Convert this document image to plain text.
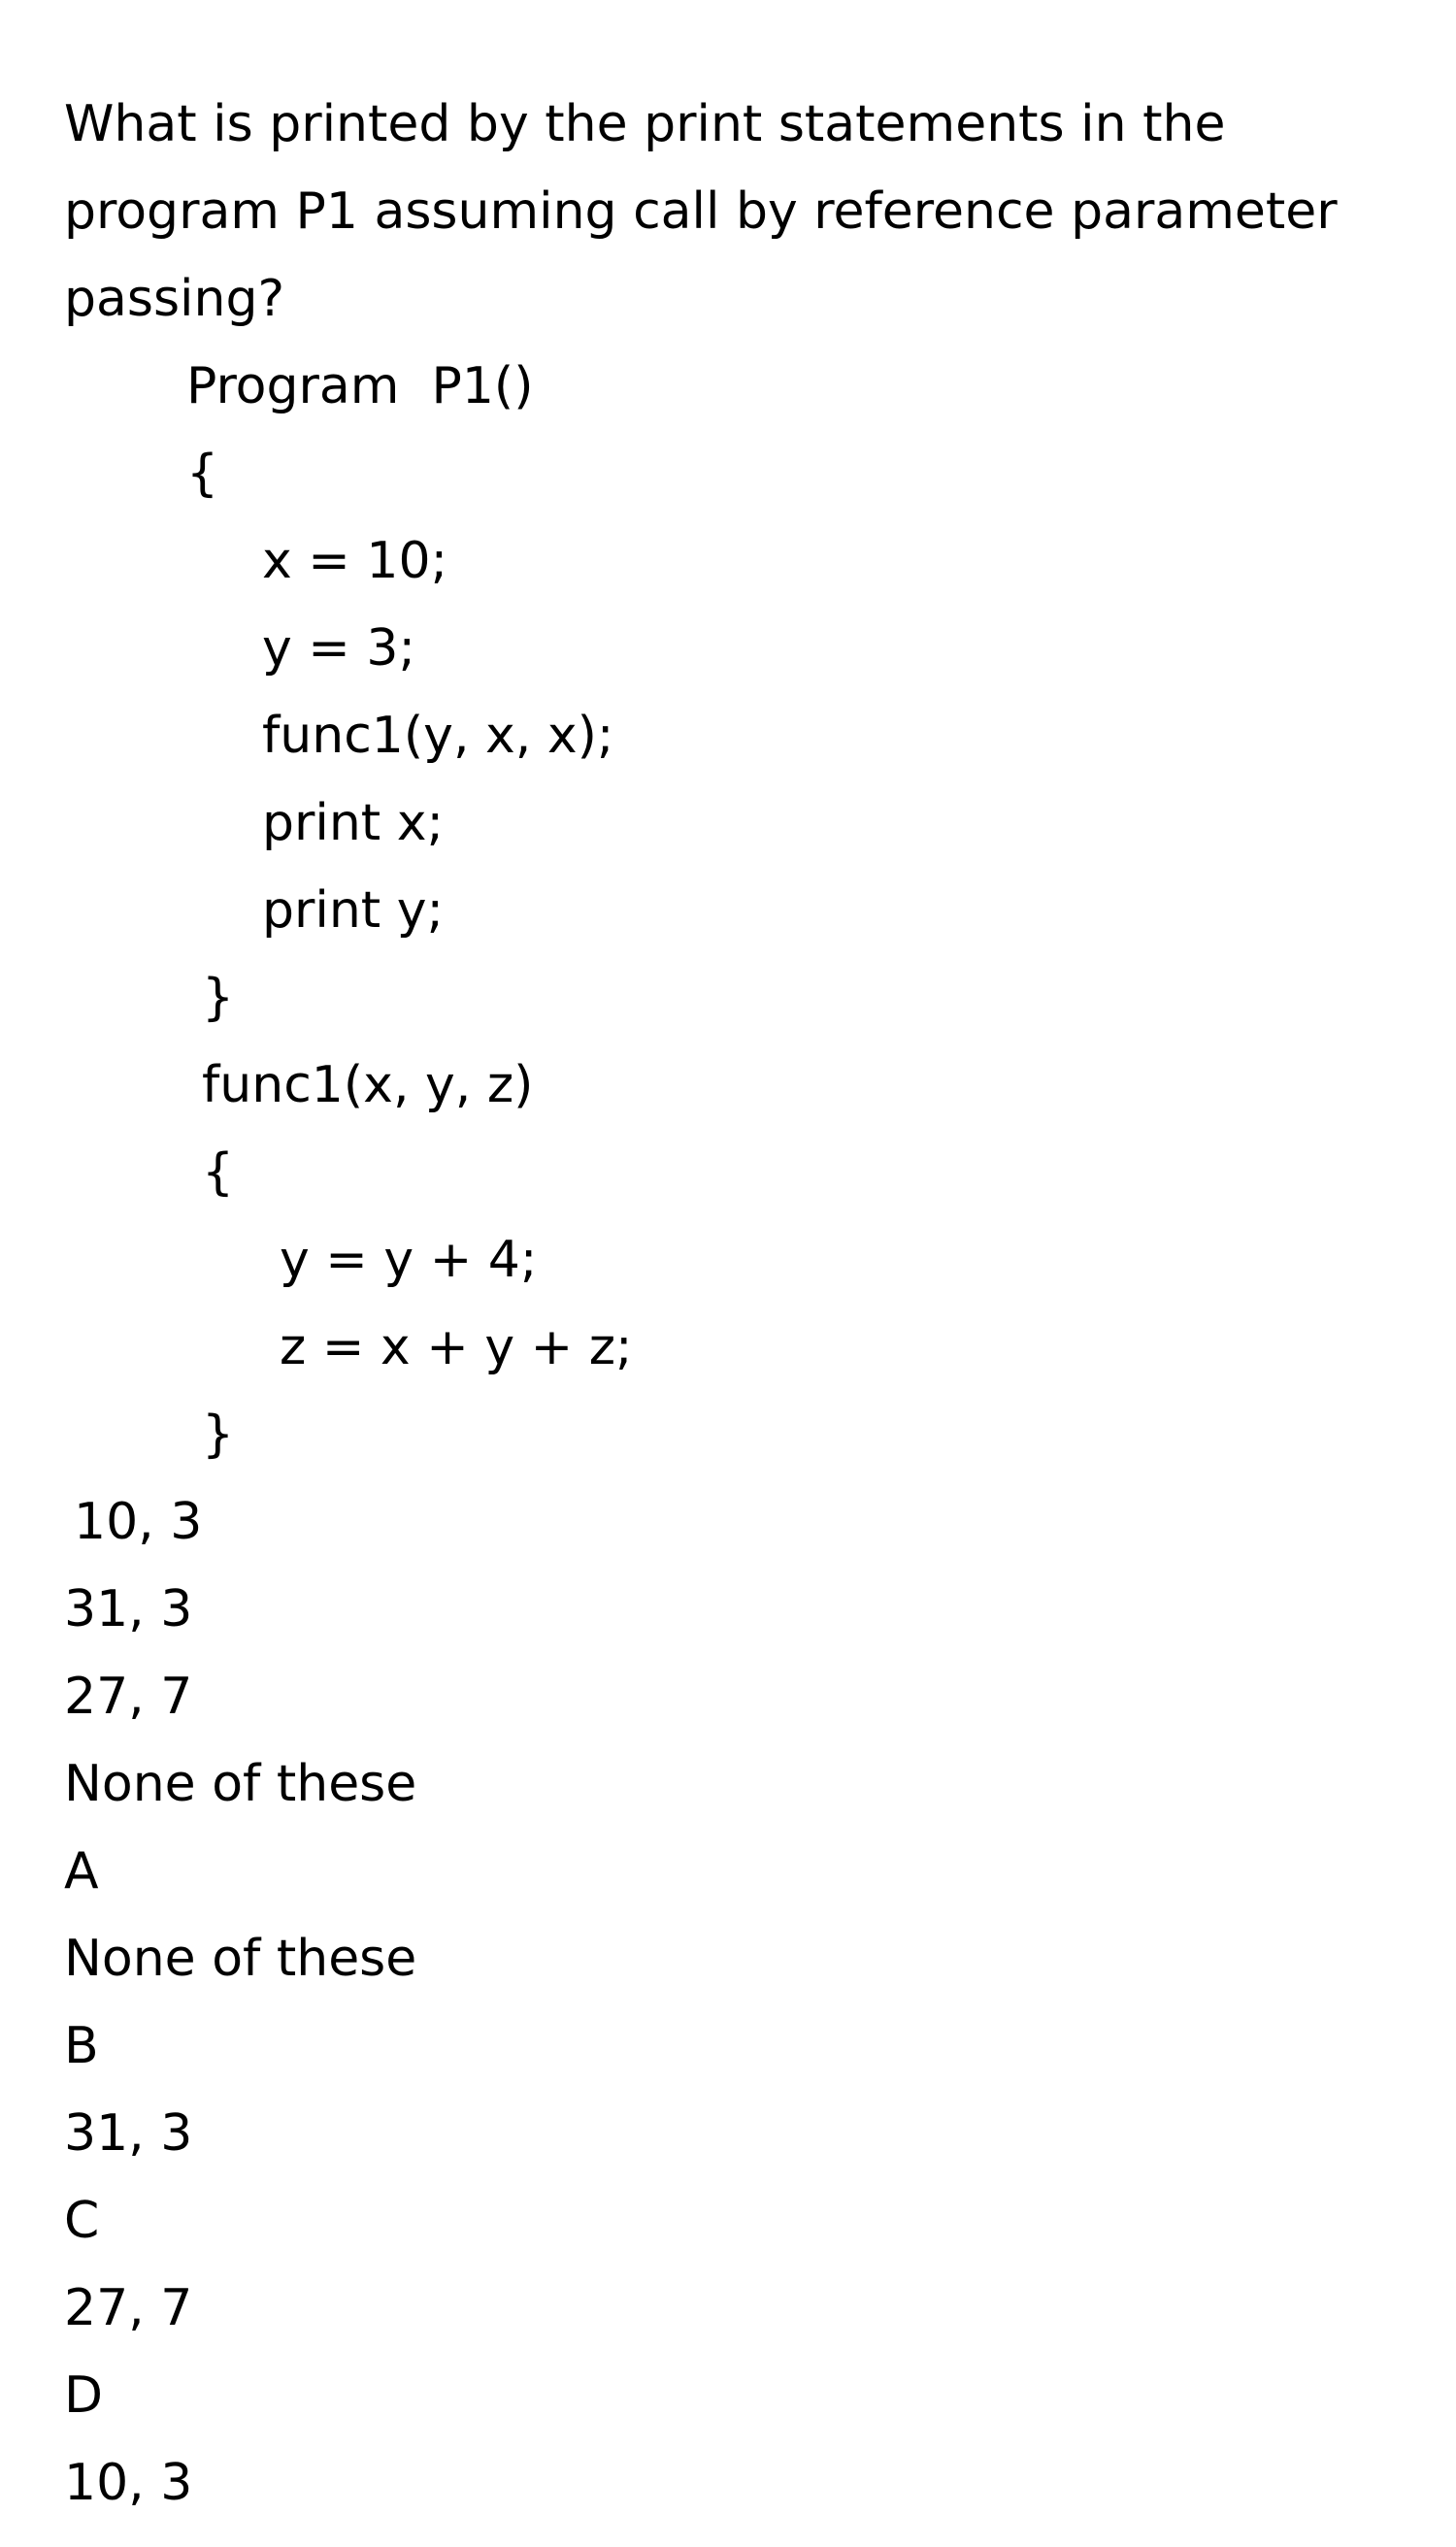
What is printed by the print statements in the
program P1 assuming call by reference parameter
passing?
Program  P1()
{
x = 10;
y = 3;
func1(y, x, x);
print x;
print y;
}
func1(x, y, z)
{
y = y + 4;
z = x + y + z;
}
10, 3
31, 3
27, 7
None of these
A
None of these
B
31, 3
C
27, 7
D
10, 3
